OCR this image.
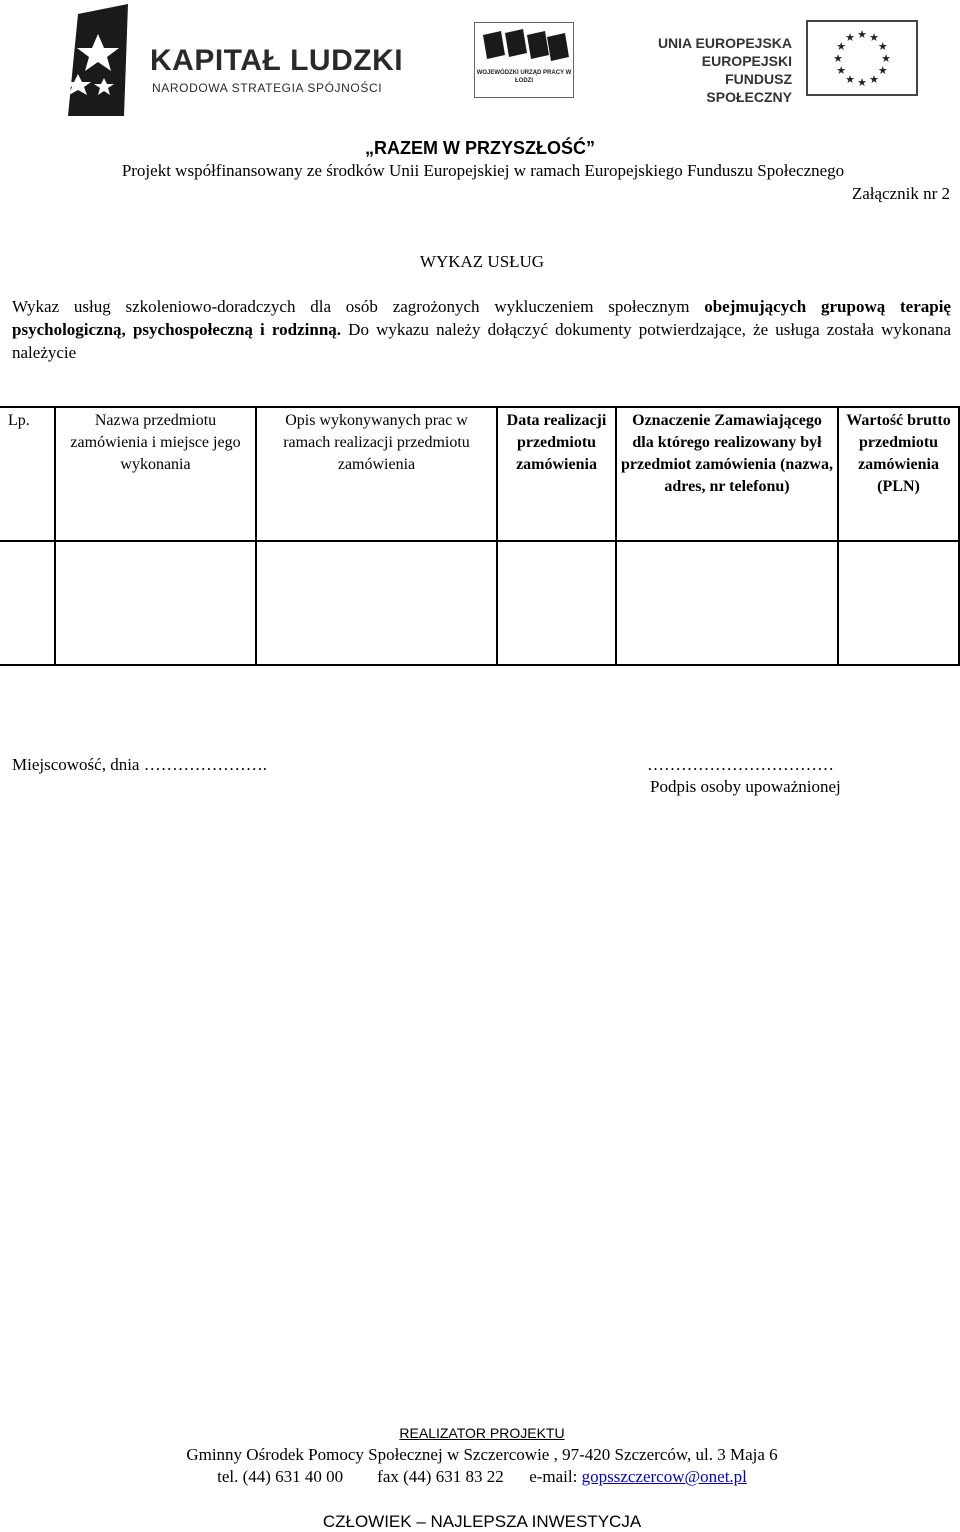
KAPITAŁ LUDZKI
NARODOWA STRATEGIA SPÓJNOŚCI
WOJEWÓDZKI URZĄD PRACY W ŁODZI
UNIA EUROPEJSKA
EUROPEJSKI
FUNDUSZ SPOŁECZNY
★ ★
★
★
★
★
★
★
★
★
★
★
„RAZEM W PRZYSZŁOŚĆ”
Projekt współfinansowany ze środków Unii Europejskiej w ramach Europejskiego Funduszu Społecznego
Załącznik nr 2
WYKAZ USŁUG
Wykaz usług szkoleniowo-doradczych dla osób zagrożonych wykluczeniem społecznym obejmujących grupową terapię psychologiczną, psychospołeczną i rodzinną. Do wykazu należy dołączyć dokumenty potwierdzające, że usługa została wykonana należycie
Lp.	Nazwa przedmiotu zamówienia i miejsce jego wykonania	Opis wykonywanych prac w ramach realizacji przedmiotu zamówienia	Data realizacji przedmiotu zamówienia	Oznaczenie Zamawiającego dla którego realizowany był przedmiot zamówienia (nazwa, adres, nr telefonu)	Wartość brutto przedmiotu zamówienia (PLN)

Miejscowość, dnia ………………….	……………………………
Podpis osoby upoważnionej
REALIZATOR PROJEKTU
Gminny Ośrodek Pomocy Społecznej w Szczercowie , 97-420 Szczerców, ul. 3 Maja 6
tel. (44) 631 40 00 fax (44) 631 83 22 e-mail: gopsszczercow@onet.pl
CZŁOWIEK – NAJLEPSZA INWESTYCJA
